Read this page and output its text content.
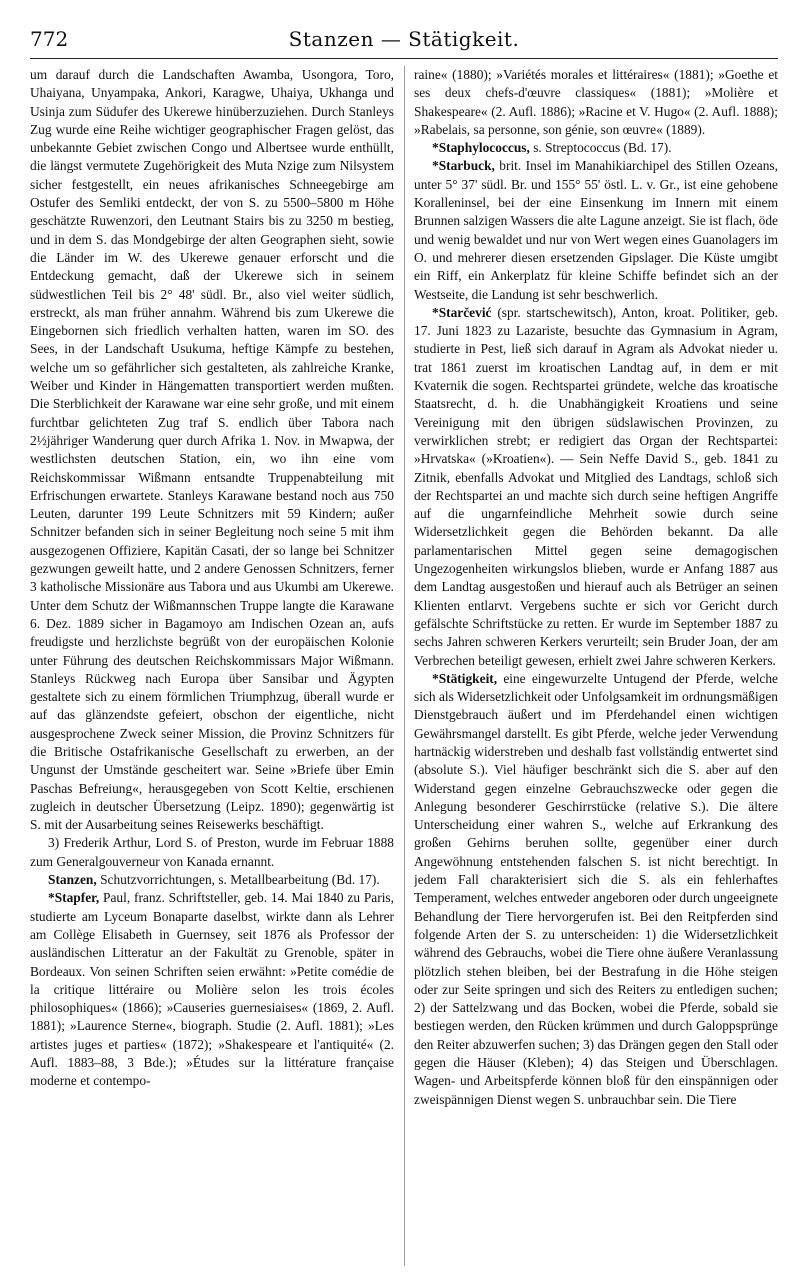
772	Stanzen — Stätigkeit.

um darauf durch die Landschaften Awamba, Usongora, Toro, Uhaiyana, Unyampaka, Ankori, Karagwe, Uhaiya, Ukhanga und Usinja zum Südufer des Ukerewe hinüberzuziehen. Durch Stanleys Zug wurde eine Reihe wichtiger geographischer Fragen gelöst, das unbekannte Gebiet zwischen Congo und Albertsee wurde enthüllt, die längst vermutete Zugehörigkeit des Muta Nzige zum Nilsystem sicher festgestellt, ein neues afrikanisches Schneegebirge am Ostufer des Semliki entdeckt, der von S. zu 5500–5800 m Höhe geschätzte Ruwenzori, den Leutnant Stairs bis zu 3250 m bestieg, und in dem S. das Mondgebirge der alten Geographen sieht, sowie die Länder im W. des Ukerewe genauer erforscht und die Entdeckung gemacht, daß der Ukerewe sich in seinem südwestlichen Teil bis 2° 48' südl. Br., also viel weiter südlich, erstreckt, als man früher annahm. Während bis zum Ukerewe die Eingebornen sich friedlich verhalten hatten, waren im SO. des Sees, in der Landschaft Usukuma, heftige Kämpfe zu bestehen, welche um so gefährlicher sich gestalteten, als zahlreiche Kranke, Weiber und Kinder in Hängematten transportiert werden mußten. Die Sterblichkeit der Karawane war eine sehr große, und mit einem furchtbar gelichteten Zug traf S. endlich über Tabora nach 2½jähriger Wanderung quer durch Afrika 1. Nov. in Mwapwa, der westlichsten deutschen Station, ein, wo ihn eine vom Reichskommissar Wißmann entsandte Truppenabteilung mit Erfrischungen erwartete. Stanleys Karawane bestand noch aus 750 Leuten, darunter 199 Leute Schnitzers mit 59 Kindern; außer Schnitzer befanden sich in seiner Begleitung noch seine 5 mit ihm ausgezogenen Offiziere, Kapitän Casati, der so lange bei Schnitzer gezwungen geweilt hatte, und 2 andere Genossen Schnitzers, ferner 3 katholische Missionäre aus Tabora und aus Ukumbi am Ukerewe. Unter dem Schutz der Wißmannschen Truppe langte die Karawane 6. Dez. 1889 sicher in Bagamoyo am Indischen Ozean an, aufs freudigste und herzlichste begrüßt von der europäischen Kolonie unter Führung des deutschen Reichskommissars Major Wißmann. Stanleys Rückweg nach Europa über Sansibar und Ägypten gestaltete sich zu einem förmlichen Triumphzug, überall wurde er auf das glänzendste gefeiert, obschon der eigentliche, nicht ausgesprochene Zweck seiner Mission, die Provinz Schnitzers für die Britische Ostafrikanische Gesellschaft zu erwerben, an der Ungunst der Umstände gescheitert war. Seine »Briefe über Emin Paschas Befreiung«, herausgegeben von Scott Keltie, erschienen zugleich in deutscher Übersetzung (Leipz. 1890); gegenwärtig ist S. mit der Ausarbeitung seines Reisewerks beschäftigt.

3) Frederik Arthur, Lord S. of Preston, wurde im Februar 1888 zum Generalgouverneur von Kanada ernannt.

Stanzen, Schutzvorrichtungen, s. Metallbearbeitung (Bd. 17).

*Stapfer, Paul, franz. Schriftsteller, geb. 14. Mai 1840 zu Paris, studierte am Lyceum Bonaparte daselbst, wirkte dann als Lehrer am Collège Elisabeth in Guernsey, seit 1876 als Professor der ausländischen Litteratur an der Fakultät zu Grenoble, später in Bordeaux. Von seinen Schriften seien erwähnt: »Petite comédie de la critique littéraire ou Molière selon les trois écoles philosophiques« (1866); »Causeries guernesiaises« (1869, 2. Aufl. 1881); »Laurence Sterne«, biograph. Studie (2. Aufl. 1881); »Les artistes juges et parties« (1872); »Shakespeare et l'antiquité« (2. Aufl. 1883–88, 3 Bde.); »Études sur la littérature française moderne et contempo-

raine« (1880); »Variétés morales et littéraires« (1881); »Goethe et ses deux chefs-d'œuvre classiques« (1881); »Molière et Shakespeare« (2. Aufl. 1886); »Racine et V. Hugo« (2. Aufl. 1888); »Rabelais, sa personne, son génie, son œuvre« (1889).

*Staphylococcus, s. Streptococcus (Bd. 17).

*Starbuck, brit. Insel im Manahikiarchipel des Stillen Ozeans, unter 5° 37' südl. Br. und 155° 55' östl. L. v. Gr., ist eine gehobene Koralleninsel, bei der eine Einsenkung im Innern mit einem Brunnen salzigen Wassers die alte Lagune anzeigt. Sie ist flach, öde und wenig bewaldet und nur von Wert wegen eines Guanolagers im O. und mehrerer diesen ersetzenden Gipslager. Die Küste umgibt ein Riff, ein Ankerplatz für kleine Schiffe befindet sich an der Westseite, die Landung ist sehr beschwerlich.

*Starčević (spr. startschewitsch), Anton, kroat. Politiker, geb. 17. Juni 1823 zu Lazariste, besuchte das Gymnasium in Agram, studierte in Pest, ließ sich darauf in Agram als Advokat nieder u. trat 1861 zuerst im kroatischen Landtag auf, in dem er mit Kvaternik die sogen. Rechtspartei gründete, welche das kroatische Staatsrecht, d. h. die Unabhängigkeit Kroatiens und seine Vereinigung mit den übrigen südslawischen Provinzen, zu verwirklichen strebt; er redigiert das Organ der Rechtspartei: »Hrvatska« (»Kroatien«). — Sein Neffe David S., geb. 1841 zu Zitnik, ebenfalls Advokat und Mitglied des Landtags, schloß sich der Rechtspartei an und machte sich durch seine heftigen Angriffe auf die ungarnfeindliche Mehrheit sowie durch seine Widersetzlichkeit gegen die Behörden bekannt. Da alle parlamentarischen Mittel gegen seine demagogischen Ungezogenheiten wirkungslos blieben, wurde er Anfang 1887 aus dem Landtag ausgestoßen und hierauf auch als Betrüger an seinen Klienten entlarvt. Vergebens suchte er sich vor Gericht durch gefälschte Schriftstücke zu retten. Er wurde im September 1887 zu sechs Jahren schweren Kerkers verurteilt; sein Bruder Joan, der am Verbrechen beteiligt gewesen, erhielt zwei Jahre schweren Kerkers.

*Stätigkeit, eine eingewurzelte Untugend der Pferde, welche sich als Widersetzlichkeit oder Unfolgsamkeit im ordnungsmäßigen Dienstgebrauch äußert und im Pferdehandel einen wichtigen Gewährsmangel darstellt. Es gibt Pferde, welche jeder Verwendung hartnäckig widerstreben und deshalb fast vollständig entwertet sind (absolute S.). Viel häufiger beschränkt sich die S. aber auf den Widerstand gegen einzelne Gebrauchszwecke oder gegen die Anlegung besonderer Geschirrstücke (relative S.). Die ältere Unterscheidung einer wahren S., welche auf Erkrankung des großen Gehirns beruhen sollte, gegenüber einer durch Angewöhnung entstehenden falschen S. ist nicht berechtigt. In jedem Fall charakterisiert sich die S. als ein fehlerhaftes Temperament, welches entweder angeboren oder durch ungeeignete Behandlung der Tiere hervorgerufen ist. Bei den Reitpferden sind folgende Arten der S. zu unterscheiden: 1) die Widersetzlichkeit während des Gebrauchs, wobei die Tiere ohne äußere Veranlassung plötzlich stehen bleiben, bei der Bestrafung in die Höhe steigen oder zur Seite springen und sich des Reiters zu entledigen suchen; 2) der Sattelzwang und das Bocken, wobei die Pferde, sobald sie bestiegen werden, den Rücken krümmen und durch Galoppsprünge den Reiter abzuwerfen suchen; 3) das Drängen gegen den Stall oder gegen die Häuser (Kleben); 4) das Steigen und Überschlagen. Wagen- und Arbeitspferde können bloß für den einspännigen oder zweispännigen Dienst wegen S. unbrauchbar sein. Die Tiere
